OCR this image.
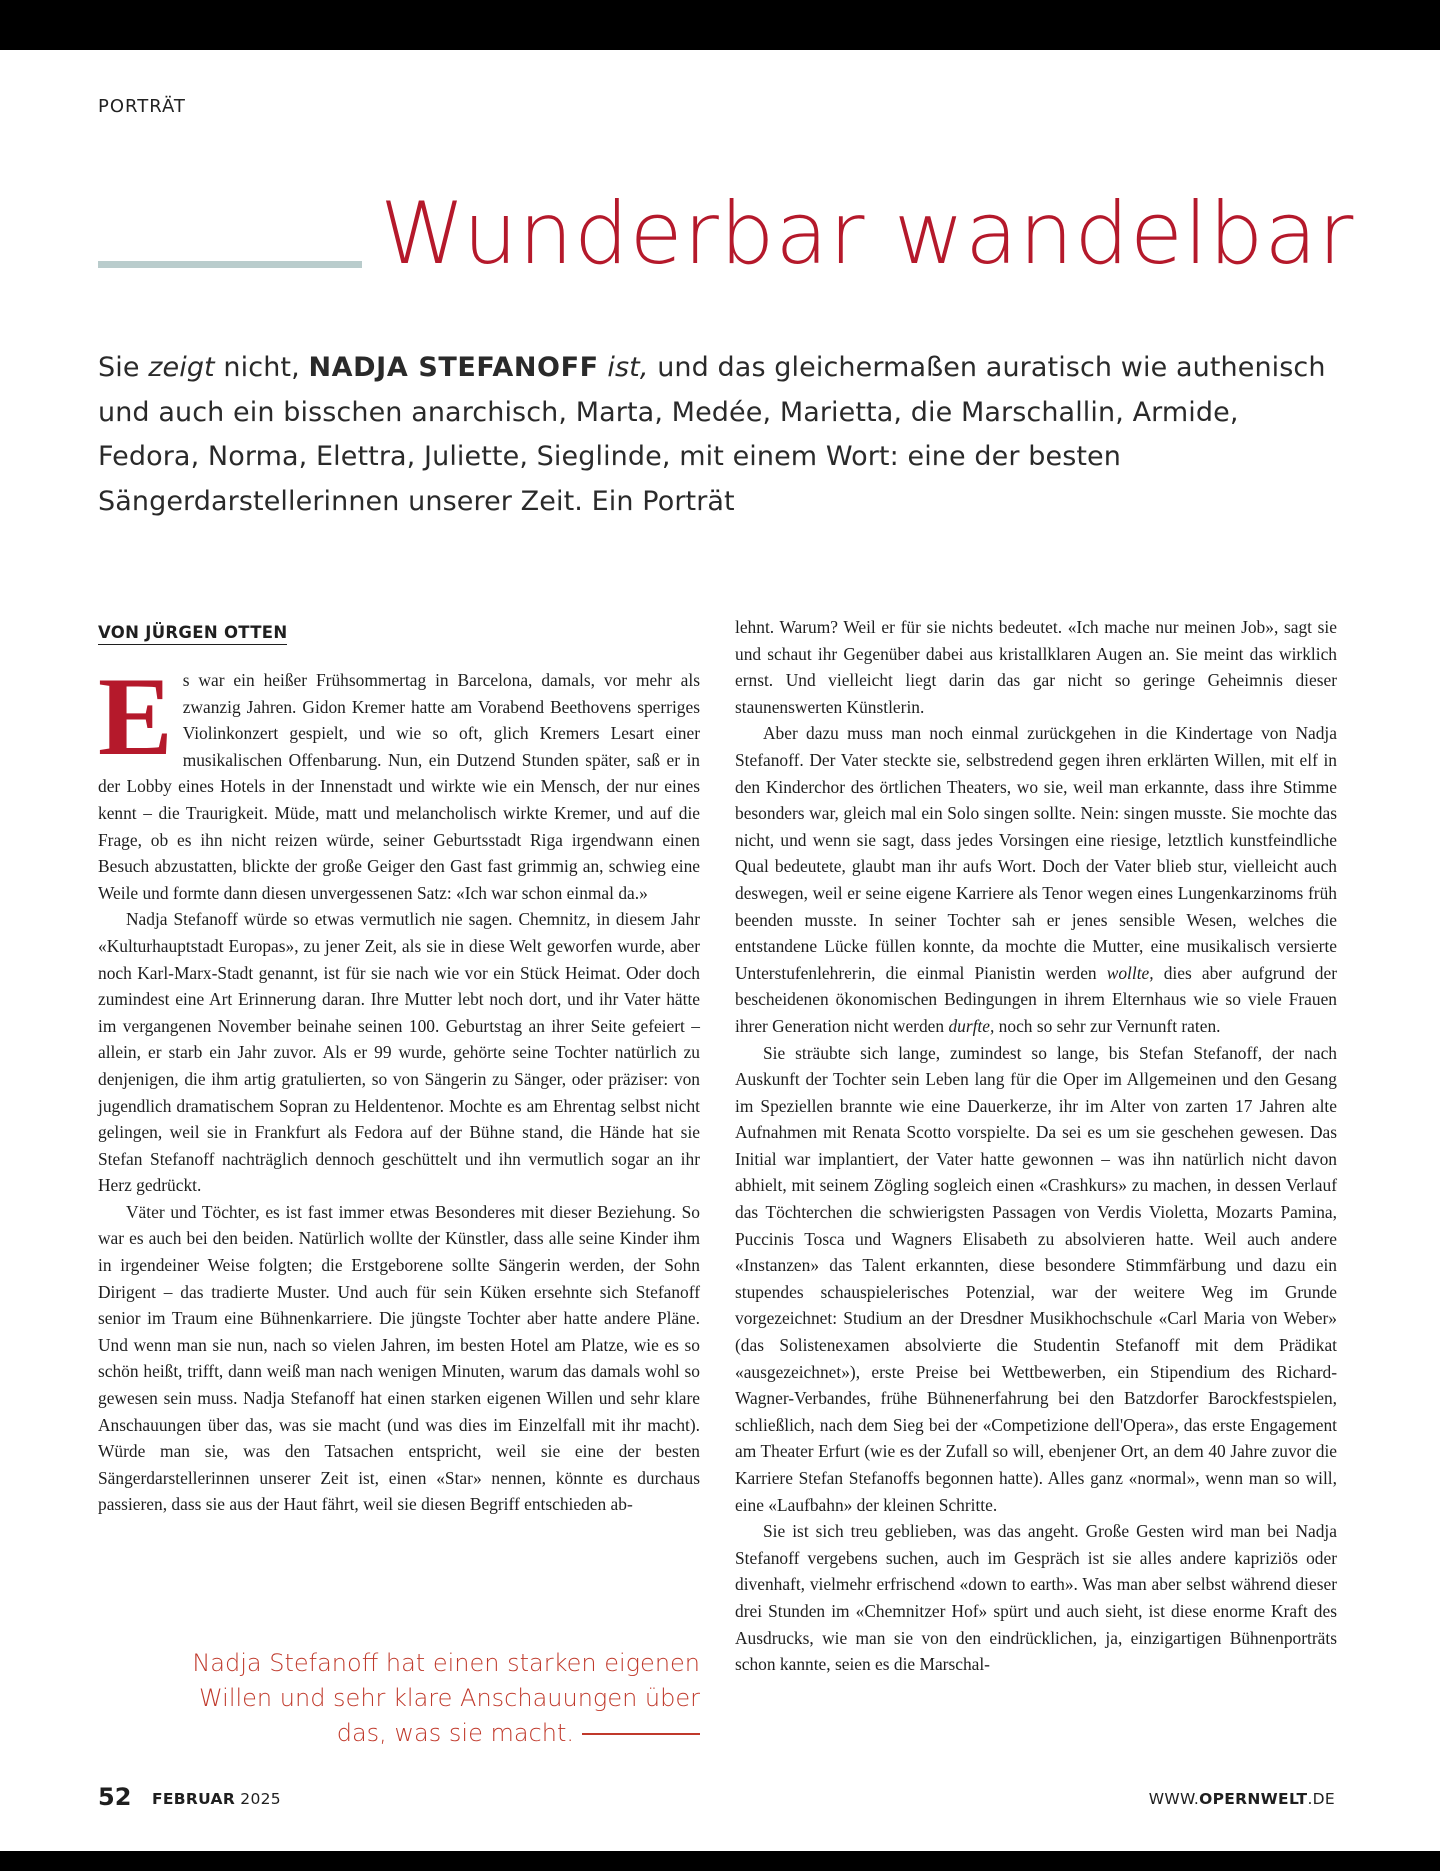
PORTRÄT
Wunderbar wandelbar
Sie zeigt nicht, NADJA STEFANOFF ist, und das gleichermaßen auratisch wie authenisch und auch ein bisschen anarchisch, Marta, Medée, Marietta, die Marschallin, Armide, Fedora, Norma, Elettra, Juliette, Sieglinde, mit einem Wort: eine der besten Sängerdarstellerinnen unserer Zeit. Ein Porträt
VON JÜRGEN OTTEN

Es war ein heißer Frühsommertag in Barcelona, damals, vor mehr als zwanzig Jahren. Gidon Kremer hatte am Vorabend Beethovens sperriges Violinkonzert gespielt, und wie so oft, glich Kremers Lesart einer musikalischen Offenbarung. Nun, ein Dutzend Stunden später, saß er in der Lobby eines Hotels in der Innenstadt und wirkte wie ein Mensch, der nur eines kennt – die Traurigkeit. Müde, matt und melancholisch wirkte Kremer, und auf die Frage, ob es ihn nicht reizen würde, seiner Geburtsstadt Riga irgendwann einen Besuch abzustatten, blickte der große Geiger den Gast fast grimmig an, schwieg eine Weile und formte dann diesen unvergessenen Satz: «Ich war schon einmal da.»

Nadja Stefanoff würde so etwas vermutlich nie sagen. Chemnitz, in diesem Jahr «Kulturhauptstadt Europas», zu jener Zeit, als sie in diese Welt geworfen wurde, aber noch Karl-Marx-Stadt genannt, ist für sie nach wie vor ein Stück Heimat. Oder doch zumindest eine Art Erinnerung daran. Ihre Mutter lebt noch dort, und ihr Vater hätte im vergangenen November beinahe seinen 100. Geburtstag an ihrer Seite gefeiert – allein, er starb ein Jahr zuvor. Als er 99 wurde, gehörte seine Tochter natürlich zu denjenigen, die ihm artig gratulierten, so von Sängerin zu Sänger, oder präziser: von jugendlich dramatischem Sopran zu Heldentenor. Mochte es am Ehrentag selbst nicht gelingen, weil sie in Frankfurt als Fedora auf der Bühne stand, die Hände hat sie Stefan Stefanoff nachträglich dennoch geschüttelt und ihn vermutlich sogar an ihr Herz gedrückt.

Väter und Töchter, es ist fast immer etwas Besonderes mit dieser Beziehung. So war es auch bei den beiden. Natürlich wollte der Künstler, dass alle seine Kinder ihm in irgendeiner Weise folgten; die Erstgeborene sollte Sängerin werden, der Sohn Dirigent – das tradierte Muster. Und auch für sein Küken ersehnte sich Stefanoff senior im Traum eine Bühnenkarriere. Die jüngste Tochter aber hatte andere Pläne. Und wenn man sie nun, nach so vielen Jahren, im besten Hotel am Platze, wie es so schön heißt, trifft, dann weiß man nach wenigen Minuten, warum das damals wohl so gewesen sein muss. Nadja Stefanoff hat einen starken eigenen Willen und sehr klare Anschauungen über das, was sie macht (und was dies im Einzelfall mit ihr macht). Würde man sie, was den Tatsachen entspricht, weil sie eine der besten Sängerdarstellerinnen unserer Zeit ist, einen «Star» nennen, könnte es durchaus passieren, dass sie aus der Haut fährt, weil sie diesen Begriff entschieden ab-

lehnt. Warum? Weil er für sie nichts bedeutet. «Ich mache nur meinen Job», sagt sie und schaut ihr Gegenüber dabei aus kristallklaren Augen an. Sie meint das wirklich ernst. Und vielleicht liegt darin das gar nicht so geringe Geheimnis dieser staunenswerten Künstlerin.

Aber dazu muss man noch einmal zurückgehen in die Kindertage von Nadja Stefanoff. Der Vater steckte sie, selbstredend gegen ihren erklärten Willen, mit elf in den Kinderchor des örtlichen Theaters, wo sie, weil man erkannte, dass ihre Stimme besonders war, gleich mal ein Solo singen sollte. Nein: singen musste. Sie mochte das nicht, und wenn sie sagt, dass jedes Vorsingen eine riesige, letztlich kunstfeindliche Qual bedeutete, glaubt man ihr aufs Wort. Doch der Vater blieb stur, vielleicht auch deswegen, weil er seine eigene Karriere als Tenor wegen eines Lungenkarzinoms früh beenden musste. In seiner Tochter sah er jenes sensible Wesen, welches die entstandene Lücke füllen konnte, da mochte die Mutter, eine musikalisch versierte Unterstufenlehrerin, die einmal Pianistin werden wollte, dies aber aufgrund der bescheidenen ökonomischen Bedingungen in ihrem Elternhaus wie so viele Frauen ihrer Generation nicht werden durfte, noch so sehr zur Vernunft raten.

Sie sträubte sich lange, zumindest so lange, bis Stefan Stefanoff, der nach Auskunft der Tochter sein Leben lang für die Oper im Allgemeinen und den Gesang im Speziellen brannte wie eine Dauerkerze, ihr im Alter von zarten 17 Jahren alte Aufnahmen mit Renata Scotto vorspielte. Da sei es um sie geschehen gewesen. Das Initial war implantiert, der Vater hatte gewonnen – was ihn natürlich nicht davon abhielt, mit seinem Zögling sogleich einen «Crashkurs» zu machen, in dessen Verlauf das Töchterchen die schwierigsten Passagen von Verdis Violetta, Mozarts Pamina, Puccinis Tosca und Wagners Elisabeth zu absolvieren hatte. Weil auch andere «Instanzen» das Talent erkannten, diese besondere Stimmfärbung und dazu ein stupendes schauspielerisches Potenzial, war der weitere Weg im Grunde vorgezeichnet: Studium an der Dresdner Musikhochschule «Carl Maria von Weber» (das Solistenexamen absolvierte die Studentin Stefanoff mit dem Prädikat «ausgezeichnet»), erste Preise bei Wettbewerben, ein Stipendium des Richard-Wagner-Verbandes, frühe Bühnenerfahrung bei den Batzdorfer Barockfestspielen, schließlich, nach dem Sieg bei der «Competizione dell'Opera», das erste Engagement am Theater Erfurt (wie es der Zufall so will, ebenjener Ort, an dem 40 Jahre zuvor die Karriere Stefan Stefanoffs begonnen hatte). Alles ganz «normal», wenn man so will, eine «Laufbahn» der kleinen Schritte.

Sie ist sich treu geblieben, was das angeht. Große Gesten wird man bei Nadja Stefanoff vergebens suchen, auch im Gespräch ist sie alles andere kapriziös oder divenhaft, vielmehr erfrischend «down to earth». Was man aber selbst während dieser drei Stunden im «Chemnitzer Hof» spürt und auch sieht, ist diese enorme Kraft des Ausdrucks, wie man sie von den eindrücklichen, ja, einzigartigen Bühnenporträts schon kannte, seien es die Marschal-

Nadja Stefanoff hat einen starken eigenen Willen und sehr klare Anschauungen über das, was sie macht.
52 FEBRUAR 2025	WWW.OPERNWELT.DE
